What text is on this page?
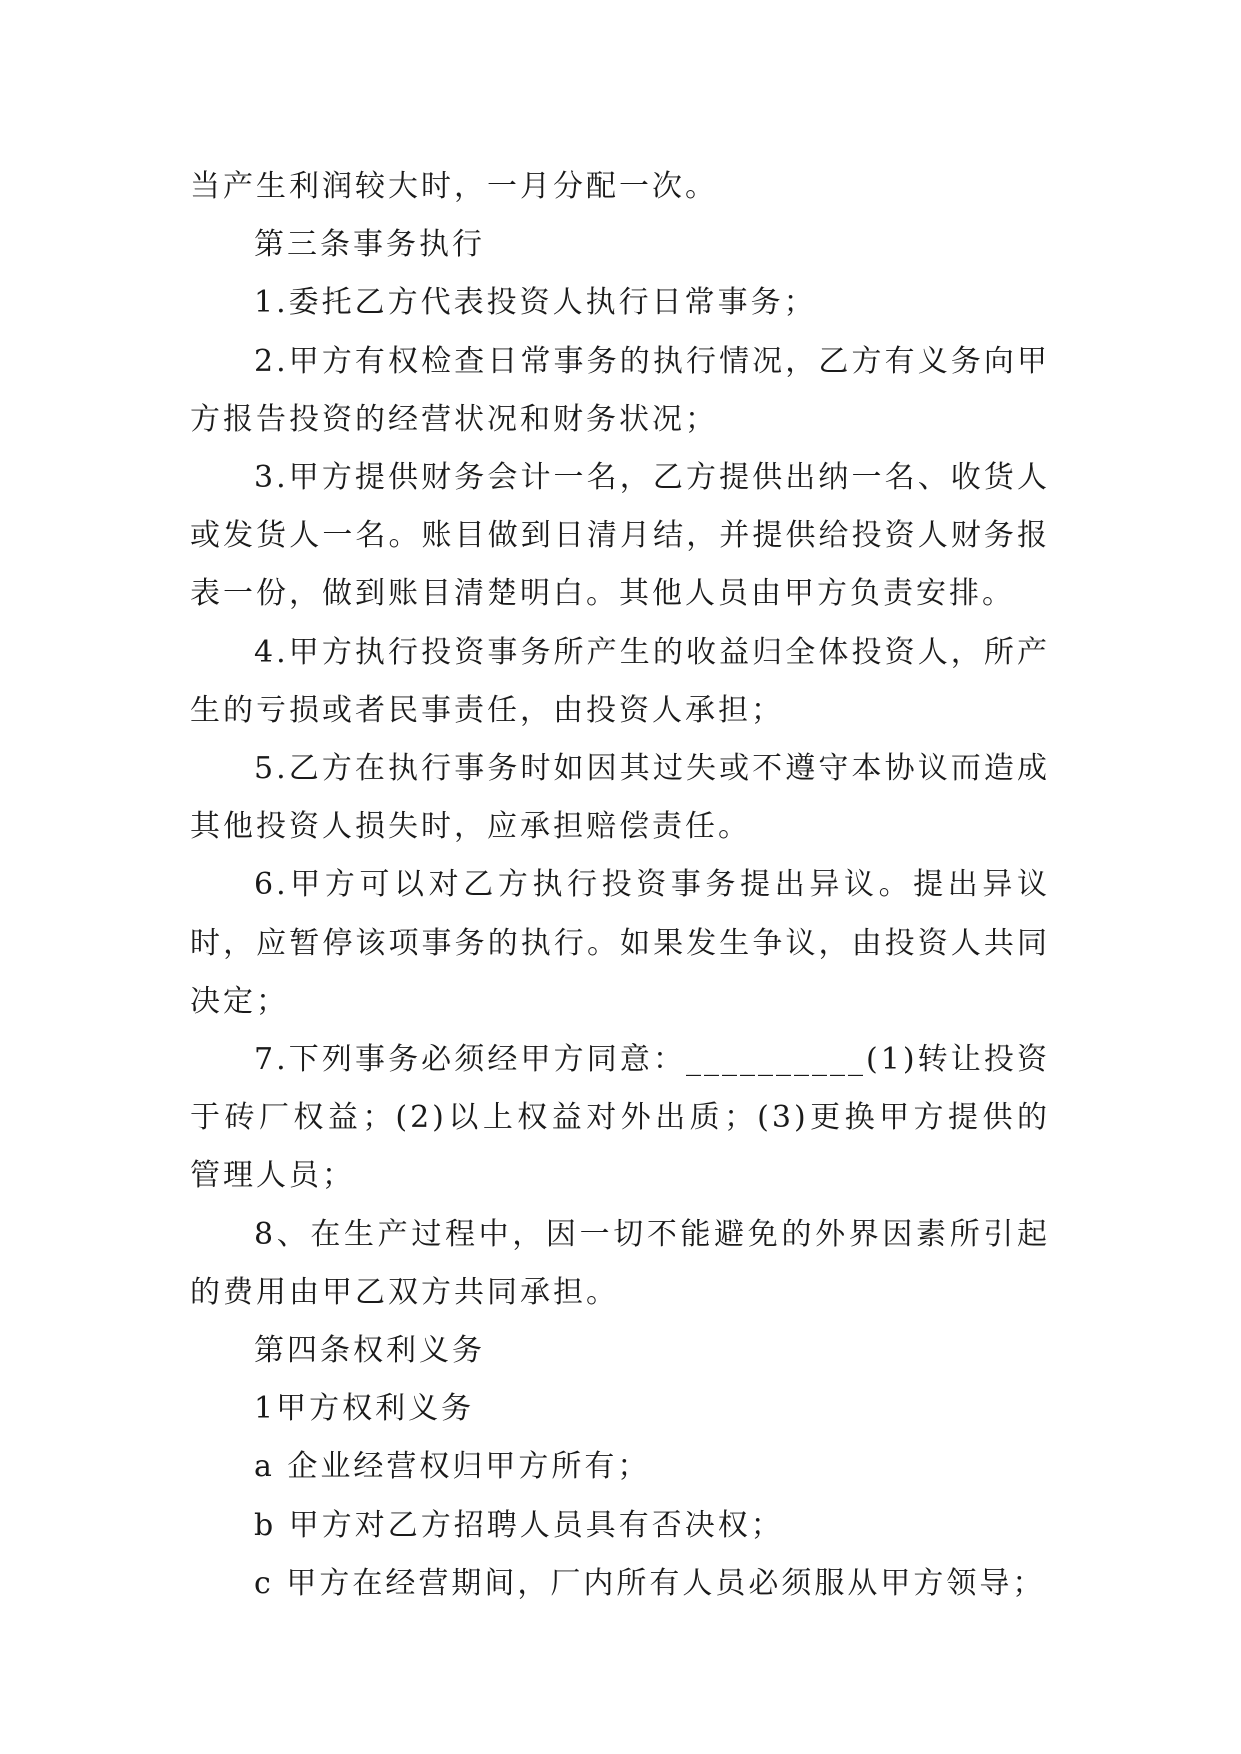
当产生利润较大时，一月分配一次。

第三条事务执行

1.委托乙方代表投资人执行日常事务；

2.甲方有权检查日常事务的执行情况，乙方有义务向甲方报告投资的经营状况和财务状况；

3.甲方提供财务会计一名，乙方提供出纳一名、收货人或发货人一名。账目做到日清月结，并提供给投资人财务报表一份，做到账目清楚明白。其他人员由甲方负责安排。

4.甲方执行投资事务所产生的收益归全体投资人，所产生的亏损或者民事责任，由投资人承担；

5.乙方在执行事务时如因其过失或不遵守本协议而造成其他投资人损失时，应承担赔偿责任。

6.甲方可以对乙方执行投资事务提出异议。提出异议时，应暂停该项事务的执行。如果发生争议，由投资人共同决定；

7.下列事务必须经甲方同意：__________(1)转让投资于砖厂权益；(2)以上权益对外出质；(3)更换甲方提供的管理人员；

8、在生产过程中，因一切不能避免的外界因素所引起的费用由甲乙双方共同承担。

第四条权利义务

1甲方权利义务

a 企业经营权归甲方所有；

b 甲方对乙方招聘人员具有否决权；

c 甲方在经营期间，厂内所有人员必须服从甲方领导；
